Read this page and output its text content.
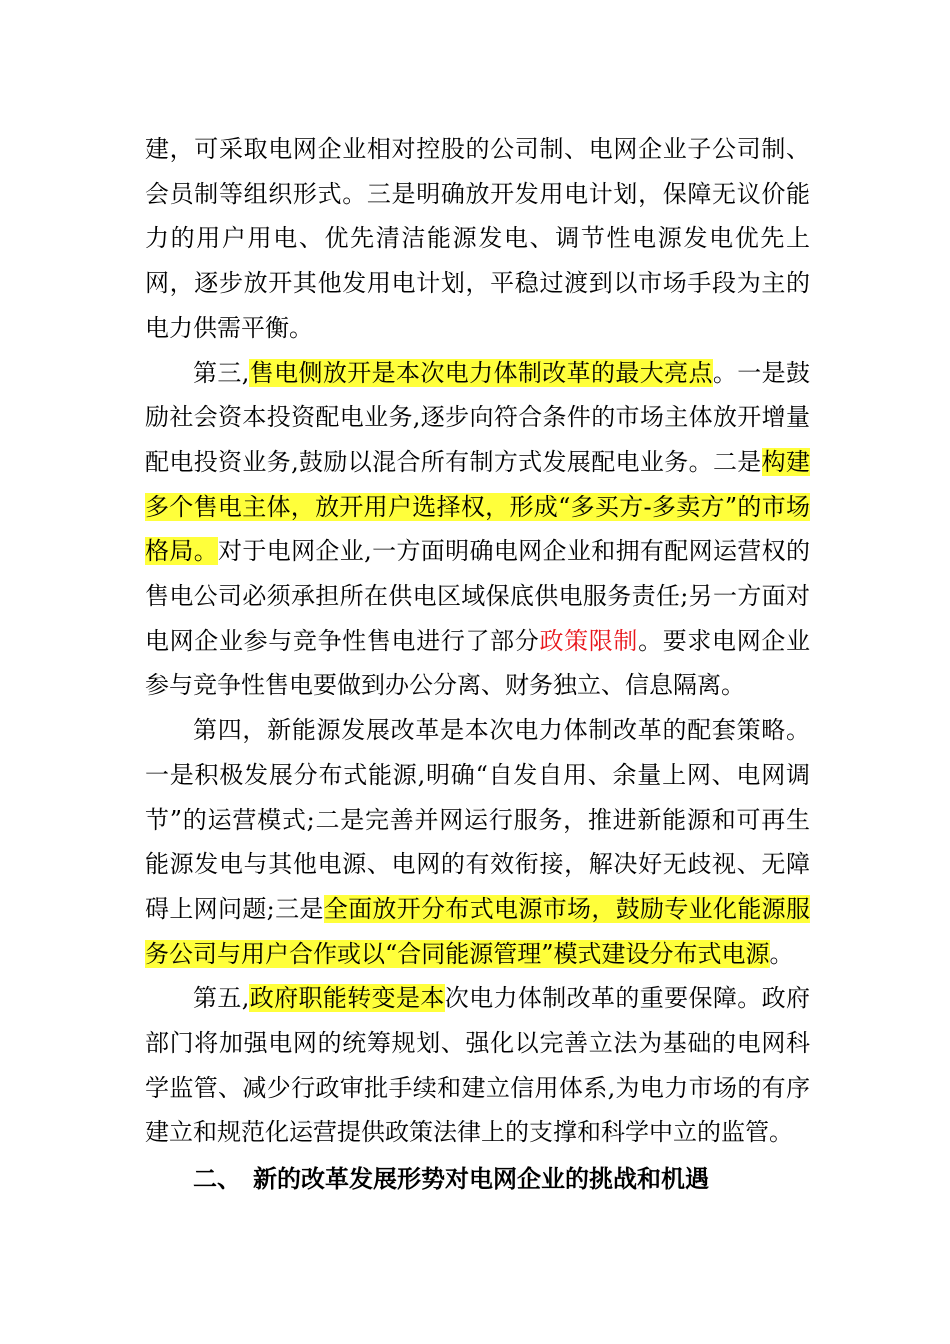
建，可采取电网企业相对控股的公司制、电网企业子公司制、会员制等组织形式。三是明确放开发用电计划，保障无议价能力的用户用电、优先清洁能源发电、调节性电源发电优先上网，逐步放开其他发用电计划，平稳过渡到以市场手段为主的电力供需平衡。

第三,售电侧放开是本次电力体制改革的最大亮点。一是鼓励社会资本投资配电业务,逐步向符合条件的市场主体放开增量配电投资业务,鼓励以混合所有制方式发展配电业务。二是构建多个售电主体，放开用户选择权，形成“多买方-多卖方”的市场格局。对于电网企业,一方面明确电网企业和拥有配网运营权的售电公司必须承担所在供电区域保底供电服务责任;另一方面对电网企业参与竞争性售电进行了部分政策限制。要求电网企业参与竞争性售电要做到办公分离、财务独立、信息隔离。

第四，新能源发展改革是本次电力体制改革的配套策略。一是积极发展分布式能源,明确“自发自用、余量上网、电网调节”的运营模式;二是完善并网运行服务，推进新能源和可再生能源发电与其他电源、电网的有效衔接，解决好无歧视、无障碍上网问题;三是全面放开分布式电源市场，鼓励专业化能源服务公司与用户合作或以“合同能源管理”模式建设分布式电源。

第五,政府职能转变是本次电力体制改革的重要保障。政府部门将加强电网的统筹规划、强化以完善立法为基础的电网科学监管、减少行政审批手续和建立信用体系,为电力市场的有序建立和规范化运营提供政策法律上的支撑和科学中立的监管。

二、 新的改革发展形势对电网企业的挑战和机遇
